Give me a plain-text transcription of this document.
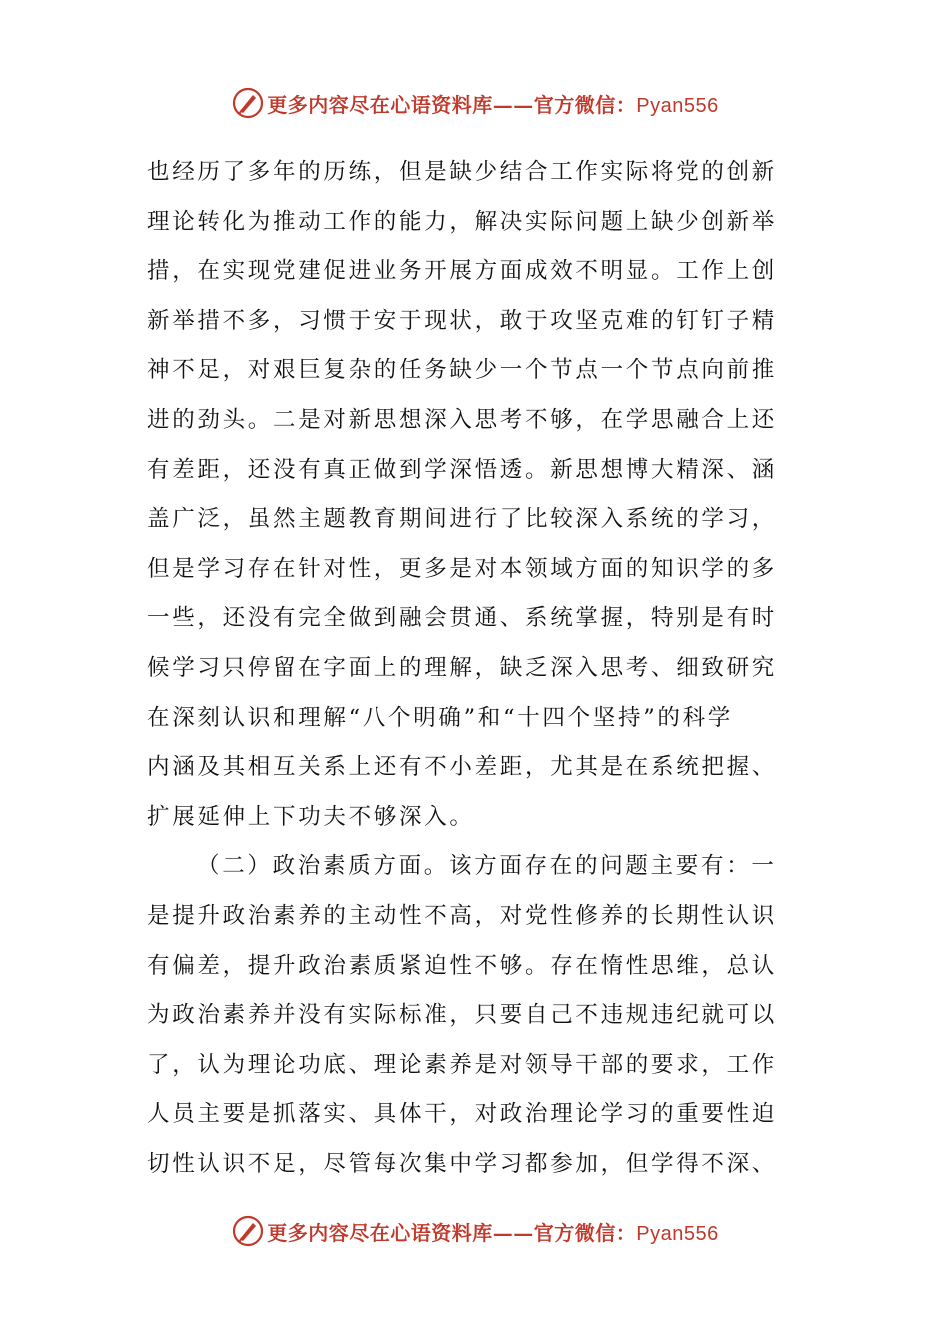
更多内容尽在心语资料库——官方微信：Pyan556

也经历了多年的历练，但是缺少结合工作实际将党的创新
理论转化为推动工作的能力，解决实际问题上缺少创新举
措，在实现党建促进业务开展方面成效不明显。工作上创
新举措不多，习惯于安于现状，敢于攻坚克难的钉钉子精
神不足，对艰巨复杂的任务缺少一个节点一个节点向前推
进的劲头。二是对新思想深入思考不够，在学思融合上还
有差距，还没有真正做到学深悟透。新思想博大精深、涵
盖广泛，虽然主题教育期间进行了比较深入系统的学习，
但是学习存在针对性，更多是对本领域方面的知识学的多
一些，还没有完全做到融会贯通、系统掌握，特别是有时
候学习只停留在字面上的理解，缺乏深入思考、细致研究
在深刻认识和理解“八个明确”和“十四个坚持”的科学
内涵及其相互关系上还有不小差距，尤其是在系统把握、
扩展延伸上下功夫不够深入。

（二）政治素质方面。该方面存在的问题主要有：一
是提升政治素养的主动性不高，对党性修养的长期性认识
有偏差，提升政治素质紧迫性不够。存在惰性思维，总认
为政治素养并没有实际标准，只要自己不违规违纪就可以
了，认为理论功底、理论素养是对领导干部的要求，工作
人员主要是抓落实、具体干，对政治理论学习的重要性迫
切性认识不足，尽管每次集中学习都参加，但学得不深、

更多内容尽在心语资料库——官方微信：Pyan556
